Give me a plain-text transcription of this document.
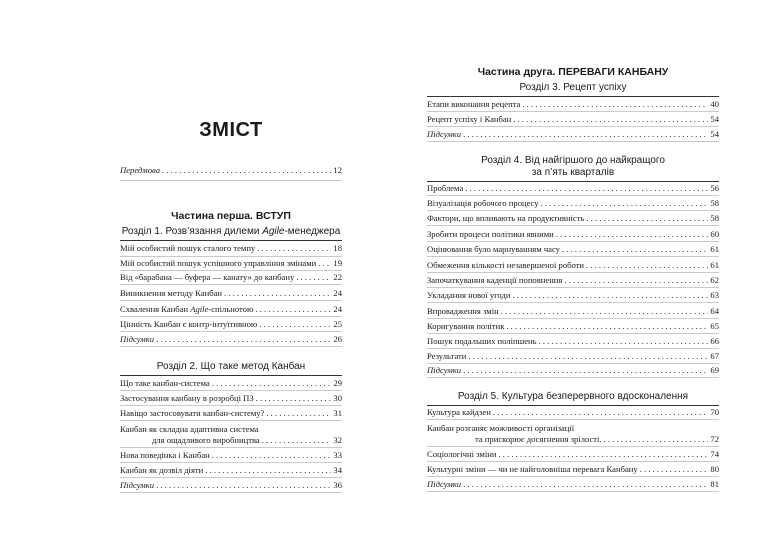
ЗМІСТ
Передмова . . .	12
Частина перша. ВСТУП
Розділ 1. Розв’язання дилеми Agile-менеджера
Мій особистий пошук сталого темпу . . .	18
Мій особистий пошук успішного управління змінами . . . 19
Від «барабана — буфера — канату» до канбану . . .	22
Виникнення методу Канбан . . .	24
Схвалення Канбан Agile-спільнотою . . .	24
Цінність Канбан є контр-інтуїтивною . . .	25
Підсумки . . .	26
Розділ 2. Що таке метод Канбан
Що таке канбан-система . . .	29
Застосування канбану в розробці ПЗ . . .	30
Навіщо застосовувати канбан-систему? . . .	31
Канбан як складна адаптивна система
для ощадливого виробництва . . .	32
Нова поведінка і Канбан . . .	33
Канбан як дозвіл діяти . . .	34
Підсумки . . .	36
Частина друга. ПЕРЕВАГИ КАНБАНУ
Розділ 3. Рецепт успіху
Етапи виконання рецепта . . .	40
Рецепт успіху і Канбан . . .	54
Підсумки . . .	54
Розділ 4. Від найгіршого до найкращого
за п’ять кварталів
Проблема . . .	56
Візуалізація робочого процесу . . .	58
Фактори, що впливають на продуктивність . . .	58
Зробити процеси політики явними . . .	60
Оцінювання було марнуванням часу . . .	61
Обмеження кількості незавершеної роботи . . .	61
Започаткування каденції поповнення . . .	62
Укладання нової угоди . . .	63
Впровадження змін . . .	64
Коригування політик . . .	65
Пошук подальших поліпшень . . .	66
Результати . . .	67
Підсумки . . .	69
Розділ 5. Культура безперервного вдосконалення
Культура кайдзен . . .	70
Канбан розганяє можливості організації
та прискорює досягнення зрілості. . . .	72
Соціологічні зміни . . .	74
Культурні зміни — чи не найголовніша перевага Канбану . . .	80
Підсумки . . .	81
